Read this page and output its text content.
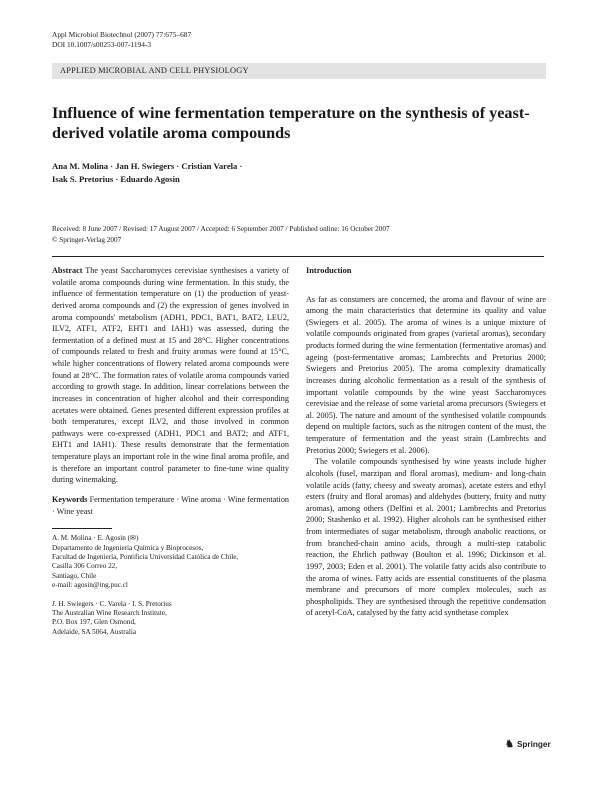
Appl Microbiol Biotechnol (2007) 77:675–687
DOI 10.1007/s00253-007-1194-3
APPLIED MICROBIAL AND CELL PHYSIOLOGY
Influence of wine fermentation temperature on the synthesis of yeast-derived volatile aroma compounds
Ana M. Molina · Jan H. Swiegers · Cristian Varela ·
Isak S. Pretorius · Eduardo Agosin
Received: 8 June 2007 / Revised: 17 August 2007 / Accepted: 6 September 2007 / Published online: 16 October 2007
© Springer-Verlag 2007

Abstract The yeast Saccharomyces cerevisiae synthesises a variety of volatile aroma compounds during wine fermentation. In this study, the influence of fermentation temperature on (1) the production of yeast-derived aroma compounds and (2) the expression of genes involved in aroma compounds' metabolism (ADH1, PDC1, BAT1, BAT2, LEU2, ILV2, ATF1, ATF2, EHT1 and IAH1) was assessed, during the fermentation of a defined must at 15 and 28°C. Higher concentrations of compounds related to fresh and fruity aromas were found at 15°C, while higher concentrations of flowery related aroma compounds were found at 28°C. The formation rates of volatile aroma compounds varied according to growth stage. In addition, linear correlations between the increases in concentration of higher alcohol and their corresponding acetates were obtained. Genes presented different expression profiles at both temperatures, except ILV2, and those involved in common pathways were co-expressed (ADH1, PDC1 and BAT2; and ATF1, EHT1 and IAH1). These results demonstrate that the fermentation temperature plays an important role in the wine final aroma profile, and is therefore an important control parameter to fine-tune wine quality during winemaking.

Keywords Fermentation temperature · Wine aroma · Wine fermentation · Wine yeast
A. M. Molina · E. Agosin (✉)
Departamento de Ingeniería Química y Bioprocesos,
Facultad de Ingeniería, Pontificia Universidad Católica de Chile,
Casilla 306 Correo 22,
Santiago, Chile
e-mail: agosin@ing.puc.cl
J. H. Swiegers · C. Varela · I. S. Pretorius
The Australian Wine Research Institute,
P.O. Box 197, Glen Osmond,
Adelaide, SA 5064, Australia
Introduction

As far as consumers are concerned, the aroma and flavour of wine are among the main characteristics that determine its quality and value (Swiegers et al. 2005). The aroma of wines is a unique mixture of volatile compounds originated from grapes (varietal aromas), secondary products formed during the wine fermentation (fermentative aromas) and ageing (post-fermentative aromas; Lambrechts and Pretorius 2000; Swiegers and Pretorius 2005). The aroma complexity dramatically increases during alcoholic fermentation as a result of the synthesis of important volatile compounds by the wine yeast Saccharomyces cerevisiae and the release of some varietal aroma precursors (Swiegers et al. 2005). The nature and amount of the synthesised volatile compounds depend on multiple factors, such as the nitrogen content of the must, the temperature of fermentation and the yeast strain (Lambrechts and Pretorius 2000; Swiegers et al. 2006).

The volatile compounds synthesised by wine yeasts include higher alcohols (fusel, marzipan and floral aromas), medium- and long-chain volatile acids (fatty, cheesy and sweaty aromas), acetate esters and ethyl esters (fruity and floral aromas) and aldehydes (buttery, fruity and nutty aromas), among others (Delfini et al. 2001; Lambrechts and Pretorius 2000; Stashenko et al. 1992). Higher alcohols can be synthesised either from intermediates of sugar metabolism, through anabolic reactions, or from branched-chain amino acids, through a multi-step catabolic reaction, the Ehrlich pathway (Boulton et al. 1996; Dickinson et al. 1997, 2003; Eden et al. 2001). The volatile fatty acids also contribute to the aroma of wines. Fatty acids are essential constituents of the plasma membrane and precursors of more complex molecules, such as phospholipids. They are synthesised through the repetitive condensation of acetyl-CoA, catalysed by the fatty acid synthetase complex

♞ Springer
